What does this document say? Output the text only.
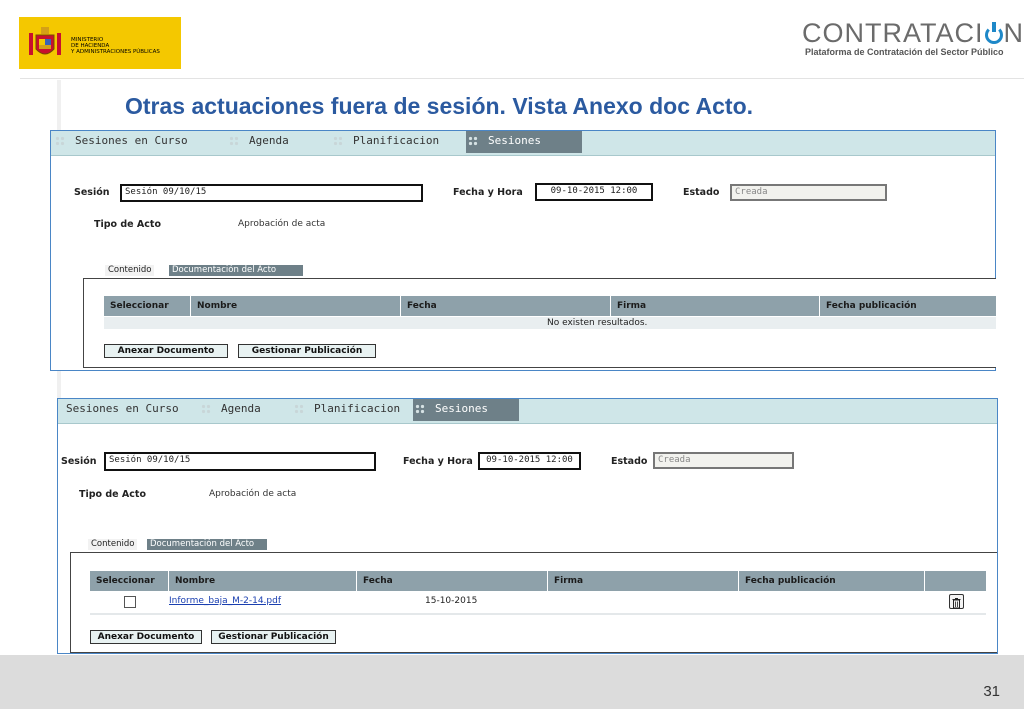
MINISTERIO
DE HACIENDA
Y ADMINISTRACIONES PÚBLICAS
CONTRATACI N
Plataforma de Contratación del Sector Público
Otras actuaciones fuera de sesión. Vista Anexo doc Acto.
Sesiones en Curso	Agenda	Planificacion	Sesiones
Sesión	Sesión 09/10/15	Fecha y Hora	09-10-2015 12:00	Estado	Creada
Tipo de Acto	Aprobación de acta
Contenido	Documentación del Acto
Seleccionar	Nombre	Fecha	Firma	Fecha publicación
No existen resultados.
Anexar Documento	Gestionar Publicación
Sesiones en Curso	Agenda	Planificacion	Sesiones
Sesión	Sesión 09/10/15	Fecha y Hora	09-10-2015 12:00	Estado	Creada
Tipo de Acto	Aprobación de acta
Contenido	Documentación del Acto
Seleccionar	Nombre	Fecha	Firma	Fecha publicación
Informe_baja_M-2-14.pdf	15-10-2015
Anexar Documento	Gestionar Publicación
31
